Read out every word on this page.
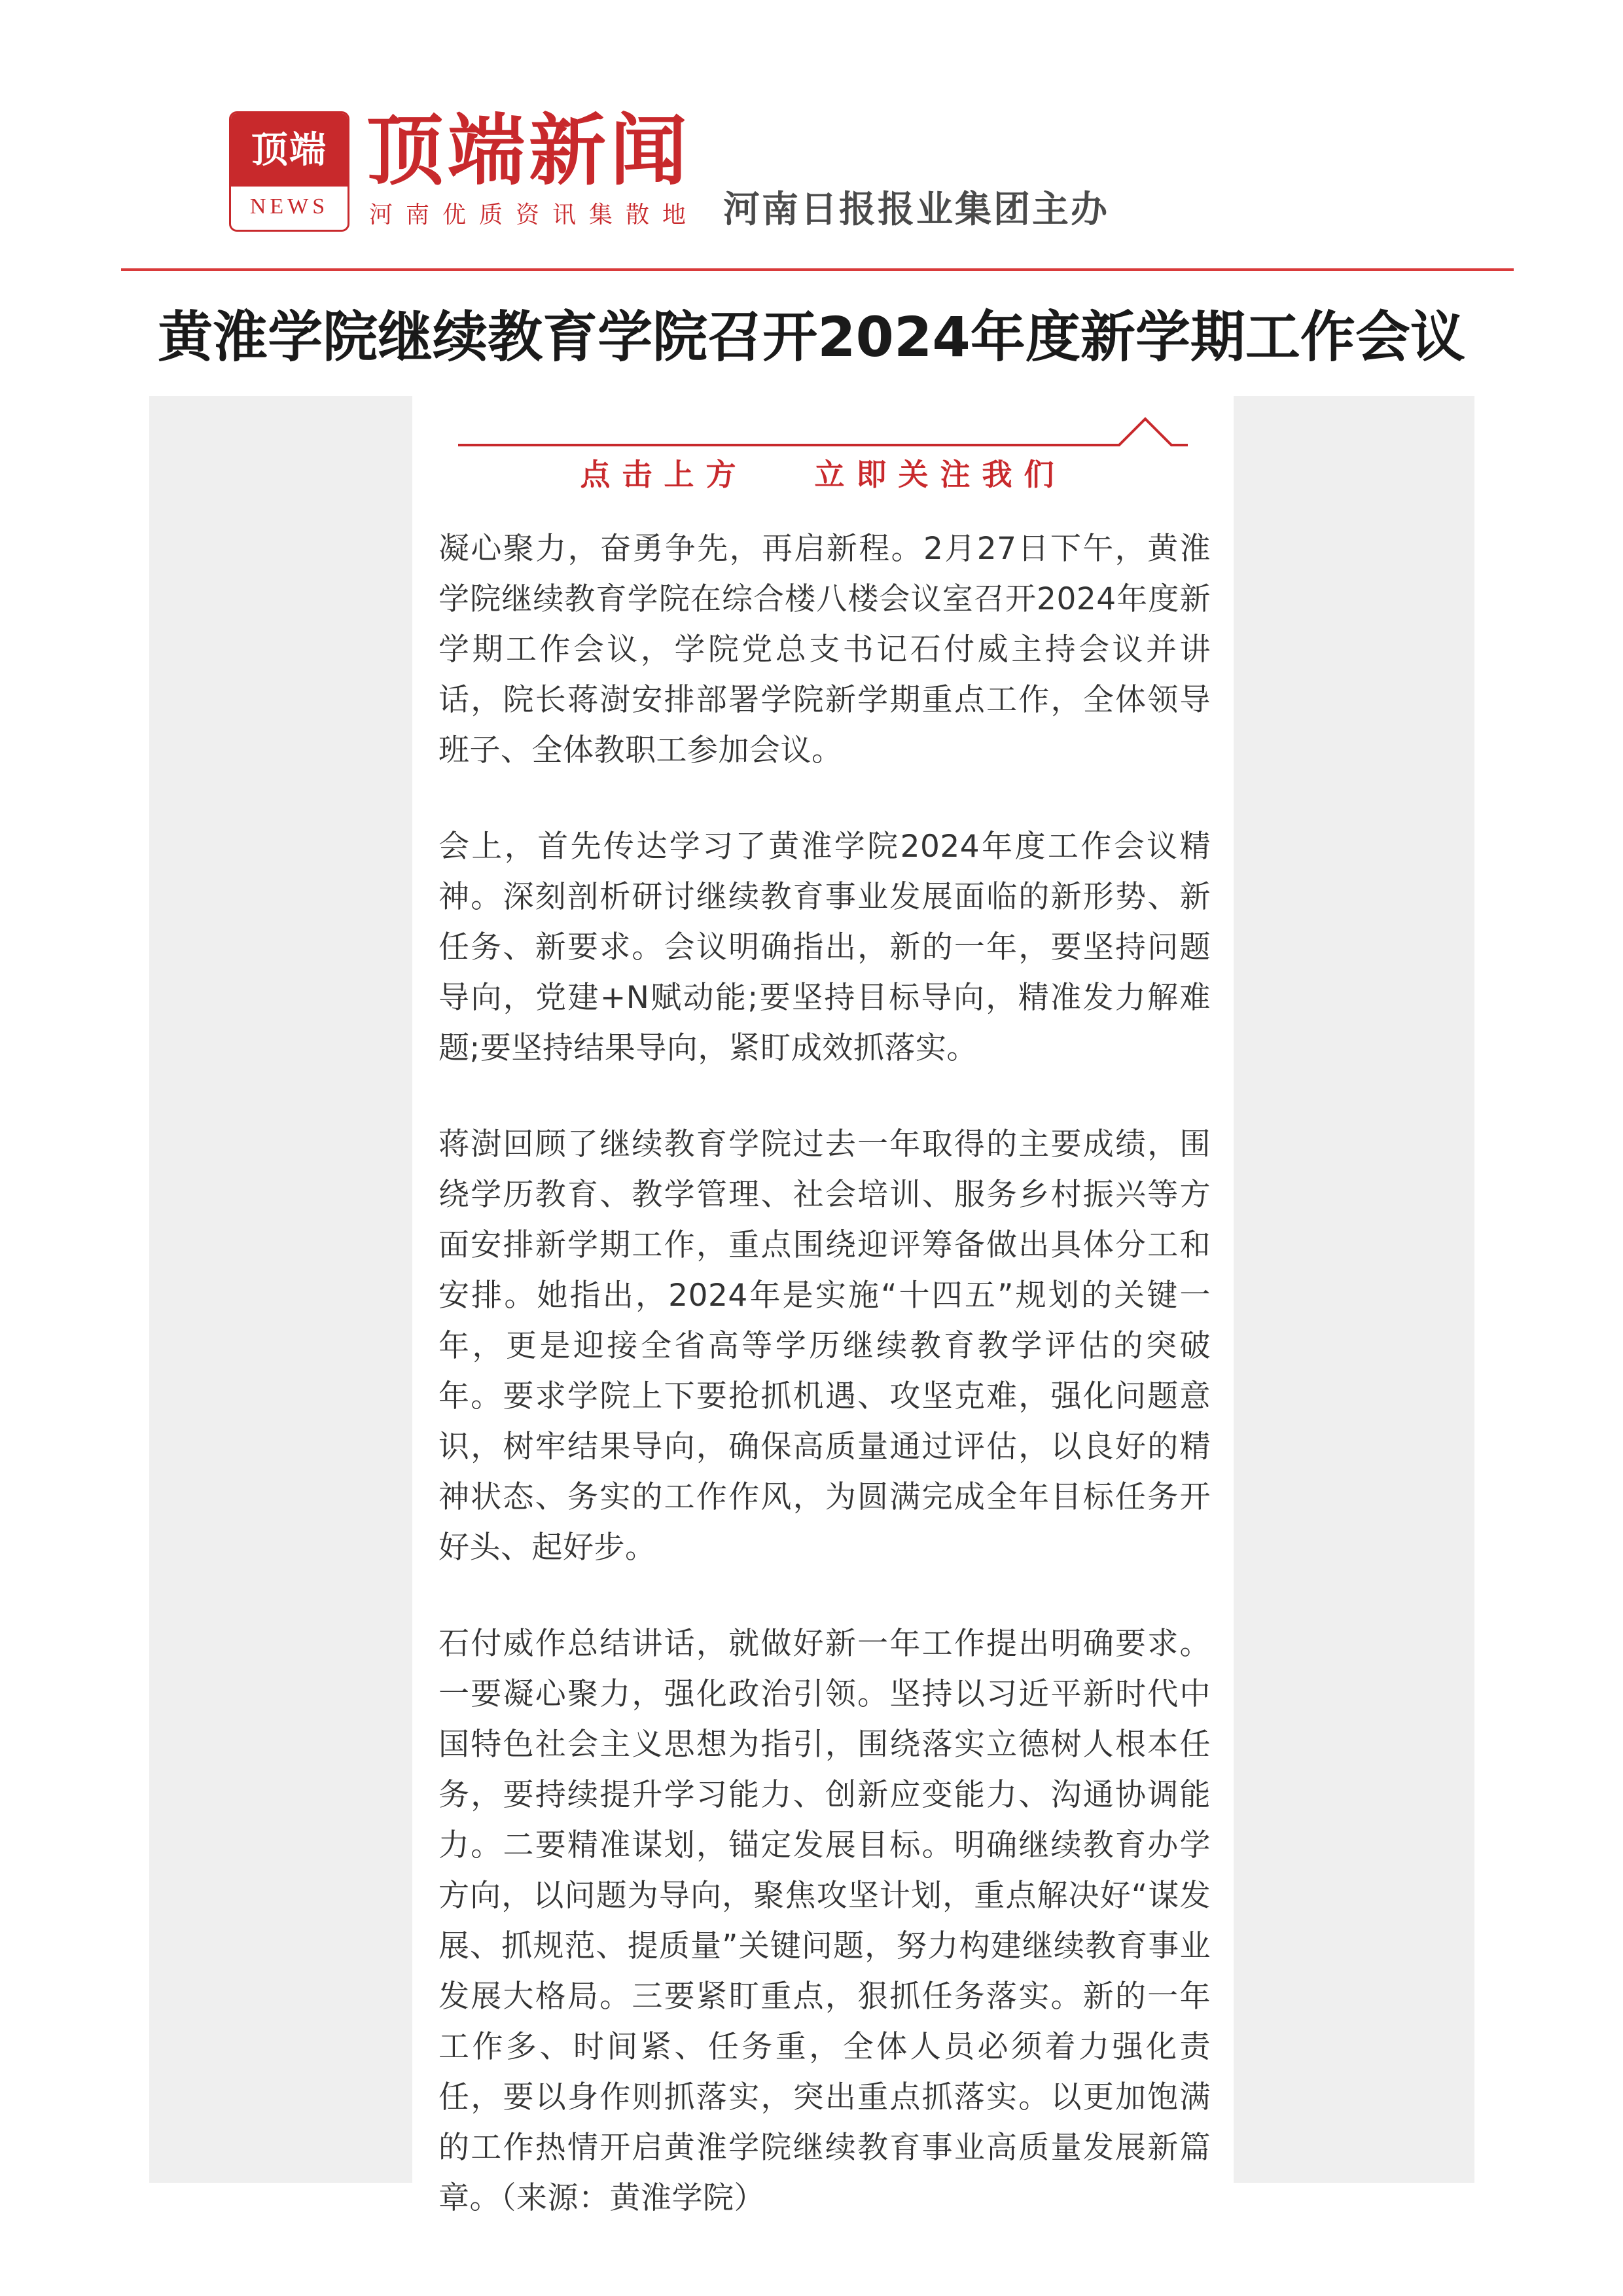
顶端
NEWS
顶端新闻
河南优质资讯集散地 河南日报报业集团主办
黄淮学院继续教育学院召开2024年度新学期工作会议
点击上方   立即关注我们

凝心聚力，奋勇争先，再启新程。2月27日下午，黄淮学院继续教育学院在综合楼八楼会议室召开2024年度新学期工作会议，学院党总支书记石付威主持会议并讲话，院长蒋澍安排部署学院新学期重点工作，全体领导班子、全体教职工参加会议。

会上，首先传达学习了黄淮学院2024年度工作会议精神。深刻剖析研讨继续教育事业发展面临的新形势、新任务、新要求。会议明确指出，新的一年，要坚持问题导向，党建+N赋动能;要坚持目标导向，精准发力解难题;要坚持结果导向，紧盯成效抓落实。

蒋澍回顾了继续教育学院过去一年取得的主要成绩，围绕学历教育、教学管理、社会培训、服务乡村振兴等方面安排新学期工作，重点围绕迎评筹备做出具体分工和安排。她指出，2024年是实施“十四五”规划的关键一年，更是迎接全省高等学历继续教育教学评估的突破年。要求学院上下要抢抓机遇、攻坚克难，强化问题意识，树牢结果导向，确保高质量通过评估，以良好的精神状态、务实的工作作风，为圆满完成全年目标任务开好头、起好步。

石付威作总结讲话，就做好新一年工作提出明确要求。一要凝心聚力，强化政治引领。坚持以习近平新时代中国特色社会主义思想为指引，围绕落实立德树人根本任务，要持续提升学习能力、创新应变能力、沟通协调能力。二要精准谋划，锚定发展目标。明确继续教育办学方向，以问题为导向，聚焦攻坚计划，重点解决好“谋发展、抓规范、提质量”关键问题，努力构建继续教育事业发展大格局。三要紧盯重点，狠抓任务落实。新的一年工作多、时间紧、任务重，全体人员必须着力强化责任，要以身作则抓落实，突出重点抓落实。以更加饱满的工作热情开启黄淮学院继续教育事业高质量发展新篇章。（来源：黄淮学院）
